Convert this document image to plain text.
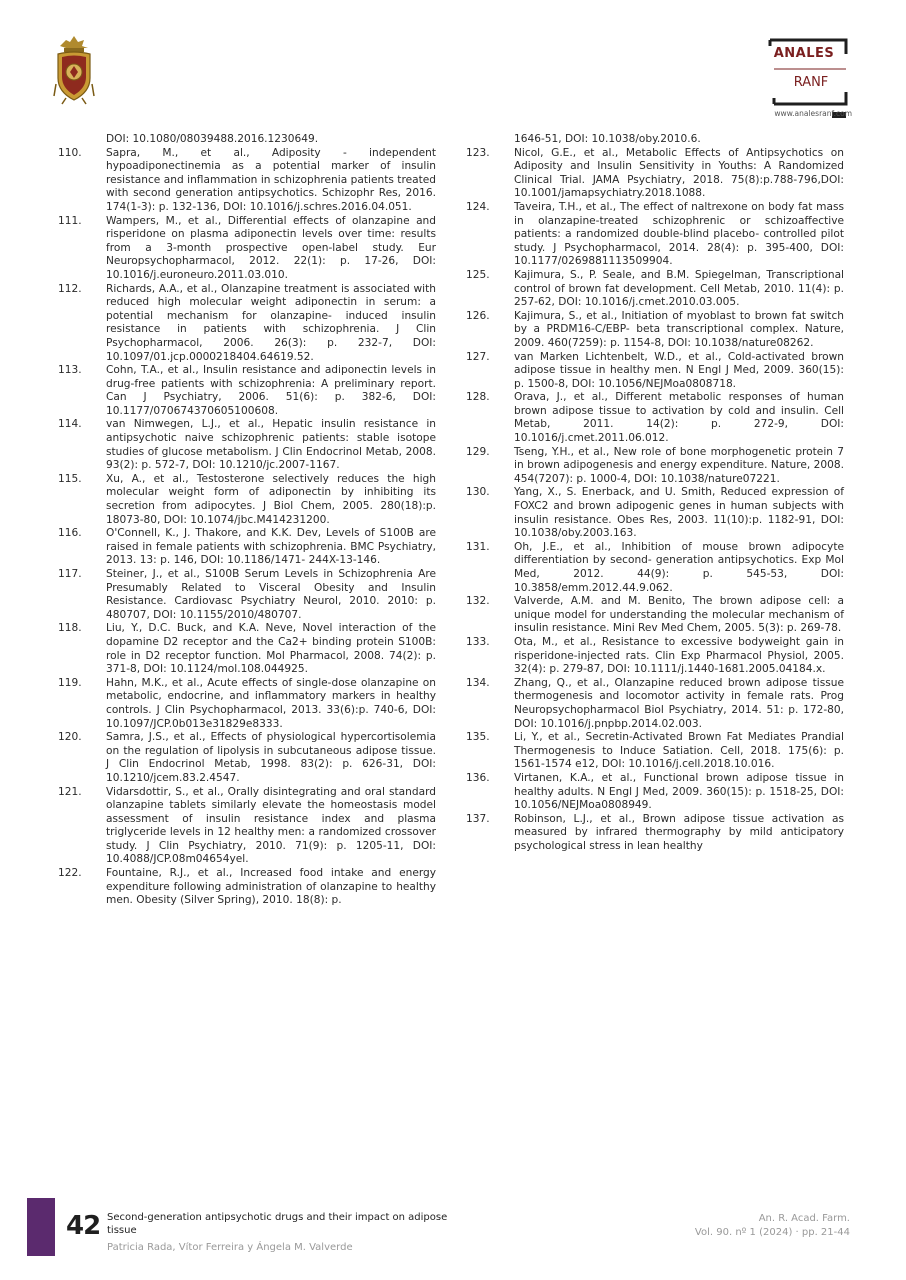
ANALES
RANF
www.analesranf.com
DOI: 10.1080/08039488.2016.1230649.
110.	Sapra, M., et al., Adiposity - independent hypoadiponectinemia as a potential marker of insulin resistance and inflammation in schizophrenia patients treated with second generation antipsychotics. Schizophr Res, 2016. 174(1-3): p. 132-136, DOI: 10.1016/j.schres.2016.04.051.
111.	Wampers, M., et al., Differential effects of olanzapine and risperidone on plasma adiponectin levels over time: results from a 3-month prospective open-label study. Eur Neuropsychopharmacol, 2012. 22(1): p. 17-26, DOI: 10.1016/j.euroneuro.2011.03.010.
112.	Richards, A.A., et al., Olanzapine treatment is associated with reduced high molecular weight adiponectin in serum: a potential mechanism for olanzapine- induced insulin resistance in patients with schizophrenia. J Clin Psychopharmacol, 2006. 26(3): p. 232-7, DOI: 10.1097/01.jcp.0000218404.64619.52.
113.	Cohn, T.A., et al., Insulin resistance and adiponectin levels in drug-free patients with schizophrenia: A preliminary report. Can J Psychiatry, 2006. 51(6): p. 382-6, DOI: 10.1177/070674370605100608.
114.	van Nimwegen, L.J., et al., Hepatic insulin resistance in antipsychotic naive schizophrenic patients: stable isotope studies of glucose metabolism. J Clin Endocrinol Metab, 2008. 93(2): p. 572-7, DOI: 10.1210/jc.2007-1167.
115.	Xu, A., et al., Testosterone selectively reduces the high molecular weight form of adiponectin by inhibiting its secretion from adipocytes. J Biol Chem, 2005. 280(18):p. 18073-80, DOI: 10.1074/jbc.M414231200.
116.	O'Connell, K., J. Thakore, and K.K. Dev, Levels of S100B are raised in female patients with schizophrenia. BMC Psychiatry, 2013. 13: p. 146, DOI: 10.1186/1471- 244X-13-146.
117.	Steiner, J., et al., S100B Serum Levels in Schizophrenia Are Presumably Related to Visceral Obesity and Insulin Resistance. Cardiovasc Psychiatry Neurol, 2010. 2010: p. 480707, DOI: 10.1155/2010/480707.
118.	Liu, Y., D.C. Buck, and K.A. Neve, Novel interaction of the dopamine D2 receptor and the Ca2+ binding protein S100B: role in D2 receptor function. Mol Pharmacol, 2008. 74(2): p. 371-8, DOI: 10.1124/mol.108.044925.
119.	Hahn, M.K., et al., Acute effects of single-dose olanzapine on metabolic, endocrine, and inflammatory markers in healthy controls. J Clin Psychopharmacol, 2013. 33(6):p. 740-6, DOI: 10.1097/JCP.0b013e31829e8333.
120.	Samra, J.S., et al., Effects of physiological hypercortisolemia on the regulation of lipolysis in subcutaneous adipose tissue. J Clin Endocrinol Metab, 1998. 83(2): p. 626-31, DOI: 10.1210/jcem.83.2.4547.
121.	Vidarsdottir, S., et al., Orally disintegrating and oral standard olanzapine tablets similarly elevate the homeostasis model assessment of insulin resistance index and plasma triglyceride levels in 12 healthy men: a randomized crossover study. J Clin Psychiatry, 2010. 71(9): p. 1205-11, DOI: 10.4088/JCP.08m04654yel.
122.	Fountaine, R.J., et al., Increased food intake and energy expenditure following administration of olanzapine to healthy men. Obesity (Silver Spring), 2010. 18(8): p.
1646-51, DOI: 10.1038/oby.2010.6.
123.	Nicol, G.E., et al., Metabolic Effects of Antipsychotics on Adiposity and Insulin Sensitivity in Youths: A Randomized Clinical Trial. JAMA Psychiatry, 2018. 75(8):p.788-796,DOI: 10.1001/jamapsychiatry.2018.1088.
124.	Taveira, T.H., et al., The effect of naltrexone on body fat mass in olanzapine-treated schizophrenic or schizoaffective patients: a randomized double-blind placebo- controlled pilot study. J Psychopharmacol, 2014. 28(4): p. 395-400, DOI: 10.1177/0269881113509904.
125.	Kajimura, S., P. Seale, and B.M. Spiegelman, Transcriptional control of brown fat development. Cell Metab, 2010. 11(4): p. 257-62, DOI: 10.1016/j.cmet.2010.03.005.
126.	Kajimura, S., et al., Initiation of myoblast to brown fat switch by a PRDM16-C/EBP- beta transcriptional complex. Nature, 2009. 460(7259): p. 1154-8, DOI: 10.1038/nature08262.
127.	van Marken Lichtenbelt, W.D., et al., Cold-activated brown adipose tissue in healthy men. N Engl J Med, 2009. 360(15): p. 1500-8, DOI: 10.1056/NEJMoa0808718.
128.	Orava, J., et al., Different metabolic responses of human brown adipose tissue to activation by cold and insulin. Cell Metab, 2011. 14(2): p. 272-9, DOI: 10.1016/j.cmet.2011.06.012.
129.	Tseng, Y.H., et al., New role of bone morphogenetic protein 7 in brown adipogenesis and energy expenditure. Nature, 2008. 454(7207): p. 1000-4, DOI: 10.1038/nature07221.
130.	Yang, X., S. Enerback, and U. Smith, Reduced expression of FOXC2 and brown adipogenic genes in human subjects with insulin resistance. Obes Res, 2003. 11(10):p. 1182-91, DOI: 10.1038/oby.2003.163.
131.	Oh, J.E., et al., Inhibition of mouse brown adipocyte differentiation by second- generation antipsychotics. Exp Mol Med, 2012. 44(9): p. 545-53, DOI: 10.3858/emm.2012.44.9.062.
132.	Valverde, A.M. and M. Benito, The brown adipose cell: a unique model for understanding the molecular mechanism of insulin resistance. Mini Rev Med Chem, 2005. 5(3): p. 269-78.
133.	Ota, M., et al., Resistance to excessive bodyweight gain in risperidone-injected rats. Clin Exp Pharmacol Physiol, 2005. 32(4): p. 279-87, DOI: 10.1111/j.1440-1681.2005.04184.x.
134.	Zhang, Q., et al., Olanzapine reduced brown adipose tissue thermogenesis and locomotor activity in female rats. Prog Neuropsychopharmacol Biol Psychiatry, 2014. 51: p. 172-80, DOI: 10.1016/j.pnpbp.2014.02.003.
135.	Li, Y., et al., Secretin-Activated Brown Fat Mediates Prandial Thermogenesis to Induce Satiation. Cell, 2018. 175(6): p. 1561-1574 e12, DOI: 10.1016/j.cell.2018.10.016.
136.	Virtanen, K.A., et al., Functional brown adipose tissue in healthy adults. N Engl J Med, 2009. 360(15): p. 1518-25, DOI: 10.1056/NEJMoa0808949.
137.	Robinson, L.J., et al., Brown adipose tissue activation as measured by infrared thermography by mild anticipatory psychological stress in lean healthy
42 Second-generation antipsychotic drugs and their impact on adipose tissue
Patricia Rada, Vítor Ferreira y Ángela M. Valverde
An. R. Acad. Farm.
Vol. 90. nº 1 (2024) · pp. 21-44
